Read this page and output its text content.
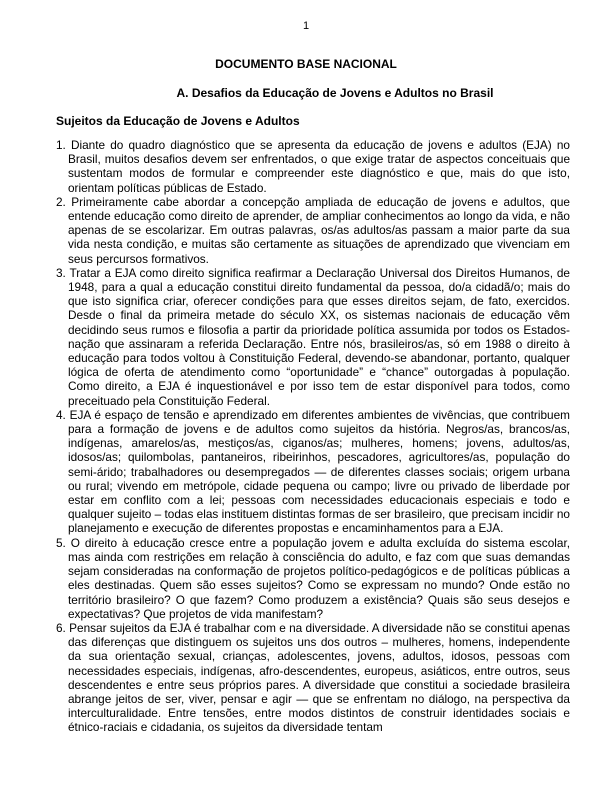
1
DOCUMENTO BASE NACIONAL
A. Desafios da Educação de Jovens e Adultos no Brasil
Sujeitos da Educação de Jovens e Adultos

1. Diante do quadro diagnóstico que se apresenta da educação de jovens e adultos (EJA) no Brasil, muitos desafios devem ser enfrentados, o que exige tratar de aspectos conceituais que sustentam modos de formular e compreender este diagnóstico e que, mais do que isto, orientam políticas públicas de Estado.

2. Primeiramente cabe abordar a concepção ampliada de educação de jovens e adultos, que entende educação como direito de aprender, de ampliar conhecimentos ao longo da vida, e não apenas de se escolarizar. Em outras palavras, os/as adultos/as passam a maior parte da sua vida nesta condição, e muitas são certamente as situações de aprendizado que vivenciam em seus percursos formativos.

3. Tratar a EJA como direito significa reafirmar a Declaração Universal dos Direitos Humanos, de 1948, para a qual a educação constitui direito fundamental da pessoa, do/a cidadã/o; mais do que isto significa criar, oferecer condições para que esses direitos sejam, de fato, exercidos. Desde o final da primeira metade do século XX, os sistemas nacionais de educação vêm decidindo seus rumos e filosofia a partir da prioridade política assumida por todos os Estados-nação que assinaram a referida Declaração. Entre nós, brasileiros/as, só em 1988 o direito à educação para todos voltou à Constituição Federal, devendo-se abandonar, portanto, qualquer lógica de oferta de atendimento como “oportunidade” e “chance” outorgadas à população. Como direito, a EJA é inquestionável e por isso tem de estar disponível para todos, como preceituado pela Constituição Federal.

4. EJA é espaço de tensão e aprendizado em diferentes ambientes de vivências, que contribuem para a formação de jovens e de adultos como sujeitos da história. Negros/as, brancos/as, indígenas, amarelos/as, mestiços/as, ciganos/as; mulheres, homens; jovens, adultos/as, idosos/as; quilombolas, pantaneiros, ribeirinhos, pescadores, agricultores/as, população do semi-árido; trabalhadores ou desempregados — de diferentes classes sociais; origem urbana ou rural; vivendo em metrópole, cidade pequena ou campo; livre ou privado de liberdade por estar em conflito com a lei; pessoas com necessidades educacionais especiais e todo e qualquer sujeito – todas elas instituem distintas formas de ser brasileiro, que precisam incidir no planejamento e execução de diferentes propostas e encaminhamentos para a EJA.

5. O direito à educação cresce entre a população jovem e adulta excluída do sistema escolar, mas ainda com restrições em relação à consciência do adulto, e faz com que suas demandas sejam consideradas na conformação de projetos político-pedagógicos e de políticas públicas a eles destinadas. Quem são esses sujeitos? Como se expressam no mundo? Onde estão no território brasileiro? O que fazem? Como produzem a existência? Quais são seus desejos e expectativas? Que projetos de vida manifestam?

6. Pensar sujeitos da EJA é trabalhar com e na diversidade. A diversidade não se constitui apenas das diferenças que distinguem os sujeitos uns dos outros – mulheres, homens, independente da sua orientação sexual, crianças, adolescentes, jovens, adultos, idosos, pessoas com necessidades especiais, indígenas, afro-descendentes, europeus, asiáticos, entre outros, seus descendentes e entre seus próprios pares. A diversidade que constitui a sociedade brasileira abrange jeitos de ser, viver, pensar e agir — que se enfrentam no diálogo, na perspectiva da interculturalidade. Entre tensões, entre modos distintos de construir identidades sociais e étnico-raciais e cidadania, os sujeitos da diversidade tentam
